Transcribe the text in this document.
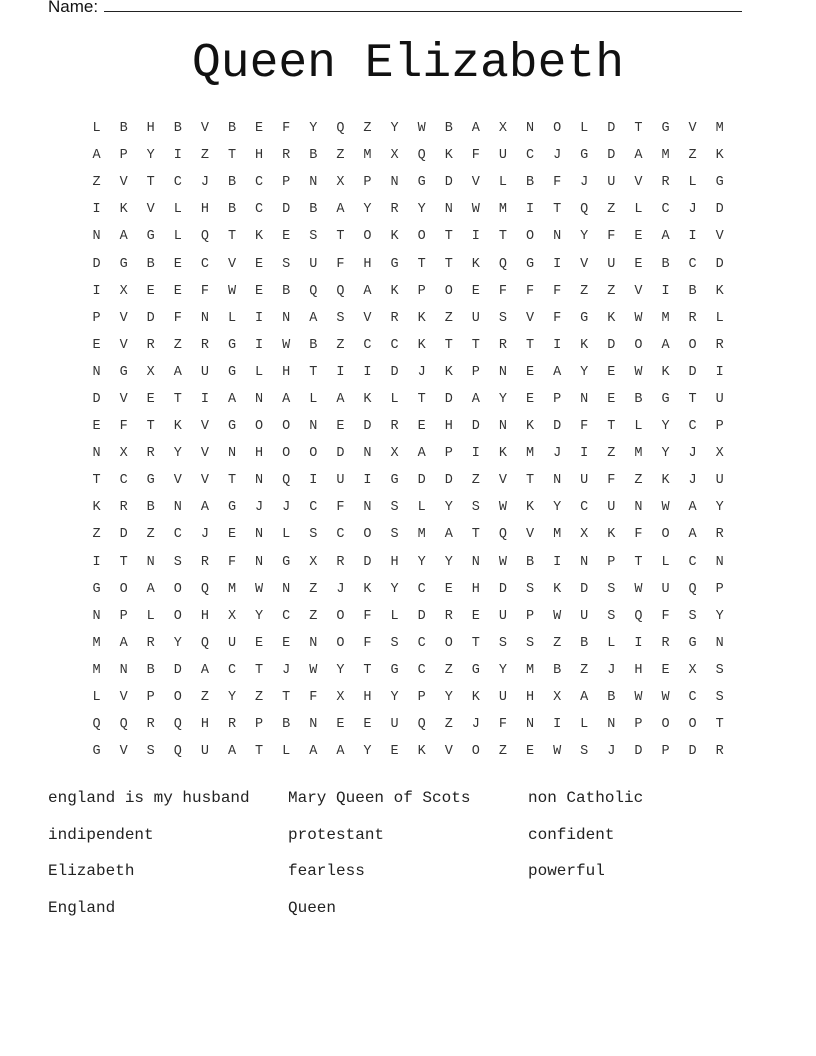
Name:
Queen Elizabeth
L	B	H	B	V	B	E	F	Y	Q	Z	Y	W	B	A	X	N	O	L	D	T	G	V	M
A	P	Y	I	Z	T	H	R	B	Z	M	X	Q	K	F	U	C	J	G	D	A	M	Z	K
Z	V	T	C	J	B	C	P	N	X	P	N	G	D	V	L	B	F	J	U	V	R	L	G
I	K	V	L	H	B	C	D	B	A	Y	R	Y	N	W	M	I	T	Q	Z	L	C	J	D
N	A	G	L	Q	T	K	E	S	T	O	K	O	T	I	T	O	N	Y	F	E	A	I	V
D	G	B	E	C	V	E	S	U	F	H	G	T	T	K	Q	G	I	V	U	E	B	C	D
I	X	E	E	F	W	E	B	Q	Q	A	K	P	O	E	F	F	F	Z	Z	V	I	B	K
P	V	D	F	N	L	I	N	A	S	V	R	K	Z	U	S	V	F	G	K	W	M	R	L
E	V	R	Z	R	G	I	W	B	Z	C	C	K	T	T	R	T	I	K	D	O	A	O	R
N	G	X	A	U	G	L	H	T	I	I	D	J	K	P	N	E	A	Y	E	W	K	D	I
D	V	E	T	I	A	N	A	L	A	K	L	T	D	A	Y	E	P	N	E	B	G	T	U
E	F	T	K	V	G	O	O	N	E	D	R	E	H	D	N	K	D	F	T	L	Y	C	P
N	X	R	Y	V	N	H	O	O	D	N	X	A	P	I	K	M	J	I	Z	M	Y	J	X
T	C	G	V	V	T	N	Q	I	U	I	G	D	D	Z	V	T	N	U	F	Z	K	J	U
K	R	B	N	A	G	J	J	C	F	N	S	L	Y	S	W	K	Y	C	U	N	W	A	Y
Z	D	Z	C	J	E	N	L	S	C	O	S	M	A	T	Q	V	M	X	K	F	O	A	R
I	T	N	S	R	F	N	G	X	R	D	H	Y	Y	N	W	B	I	N	P	T	L	C	N
G	O	A	O	Q	M	W	N	Z	J	K	Y	C	E	H	D	S	K	D	S	W	U	Q	P
N	P	L	O	H	X	Y	C	Z	O	F	L	D	R	E	U	P	W	U	S	Q	F	S	Y
M	A	R	Y	Q	U	E	E	N	O	F	S	C	O	T	S	S	Z	B	L	I	R	G	N
M	N	B	D	A	C	T	J	W	Y	T	G	C	Z	G	Y	M	B	Z	J	H	E	X	S
L	V	P	O	Z	Y	Z	T	F	X	H	Y	P	Y	K	U	H	X	A	B	W	W	C	S
Q	Q	R	Q	H	R	P	B	N	E	E	U	Q	Z	J	F	N	I	L	N	P	O	O	T
G	V	S	Q	U	A	T	L	A	A	Y	E	K	V	O	Z	E	W	S	J	D	P	D	R
england is my husband	Mary Queen of Scots	non Catholic
indipendent	protestant	confident
Elizabeth	fearless	powerful
England	Queen
